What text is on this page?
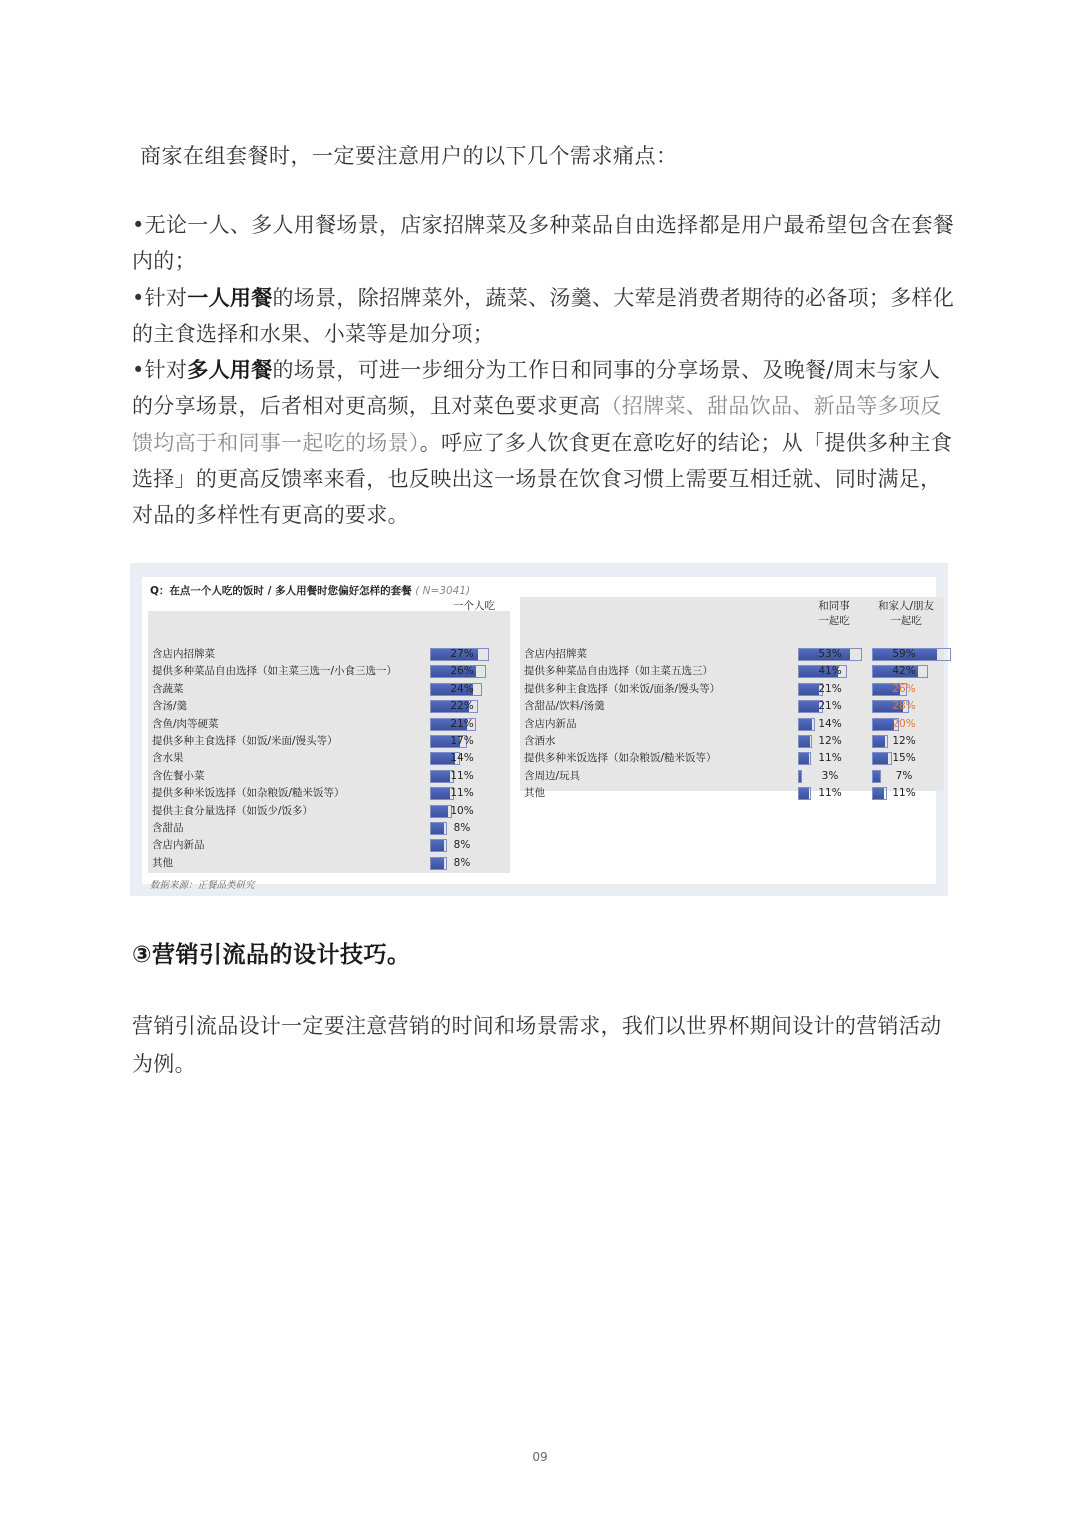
商家在组套餐时，一定要注意用户的以下几个需求痛点：

•无论一人、多人用餐场景，店家招牌菜及多种菜品自由选择都是用户最希望包含在套餐内的；

•针对一人用餐的场景，除招牌菜外，蔬菜、汤羹、大荤是消费者期待的必备项；多样化的主食选择和水果、小菜等是加分项；

•针对多人用餐的场景，可进一步细分为工作日和同事的分享场景、及晚餐/周末与家人的分享场景，后者相对更高频，且对菜色要求更高（招牌菜、甜品饮品、新品等多项反馈均高于和同事一起吃的场景）。呼应了多人饮食更在意吃好的结论；从「提供多种主食选择」的更高反馈率来看，也反映出这一场景在饮食习惯上需要互相迁就、同时满足，对品的多样性有更高的要求。

Q：在点一个人吃的饭时 / 多人用餐时您偏好怎样的套餐 ( N=3041)
一个人吃	和同事
一起吃
和家人/朋友
一起吃
数据来源：正餐品类研究
含店内招牌菜	27%
提供多种菜品自由选择（如主菜三选一/小食三选一）	26%
含蔬菜	24%
含汤/羹	22%
含鱼/肉等硬菜	21%
提供多种主食选择（如饭/米面/馒头等）	17%
含水果	14%
含佐餐小菜	11%
提供多种米饭选择（如杂粮饭/糙米饭等）	11%
提供主食分量选择（如饭少/饭多）	10%
含甜品	8%
含店内新品	8%
其他	8%
含店内招牌菜	53%	59%
提供多种菜品自由选择（如主菜五选三）	41%	42%
提供多种主食选择（如米饭/面条/馒头等）	21%	26%
含甜品/饮料/汤羹	21%	28%
含店内新品	14%	20%
含酒水	12%	12%
提供多种米饭选择（如杂粮饭/糙米饭等）	11%	15%
含周边/玩具	3%	7%
其他	11%	11%

③营销引流品的设计技巧。

营销引流品设计一定要注意营销的时间和场景需求，我们以世界杯期间设计的营销活动为例。

09
